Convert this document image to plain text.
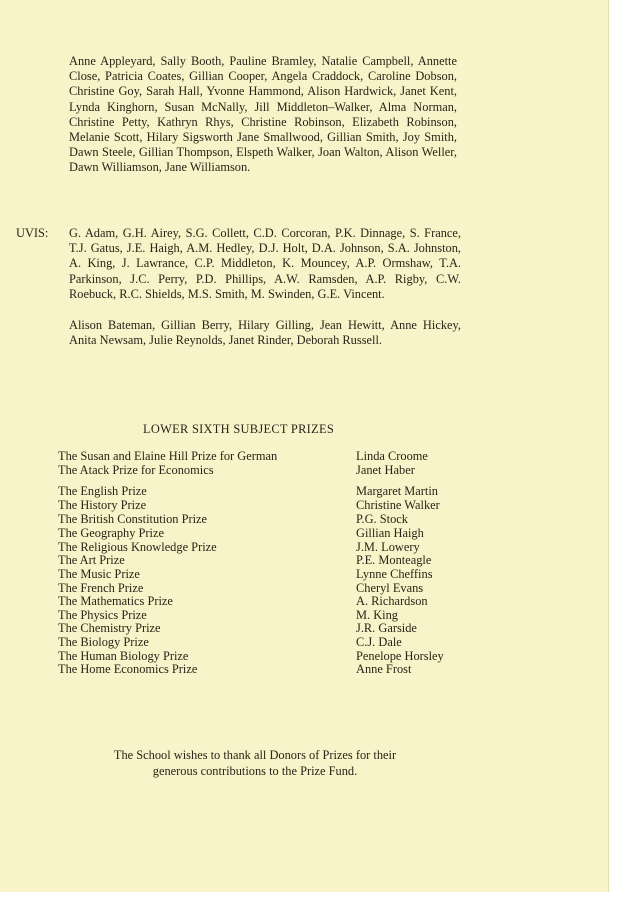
Anne Appleyard, Sally Booth, Pauline Bramley, Natalie Campbell, Annette Close, Patricia Coates, Gillian Cooper, Angela Craddock, Caroline Dobson, Christine Goy, Sarah Hall, Yvonne Hammond, Alison Hardwick, Janet Kent, Lynda Kinghorn, Susan McNally, Jill Middleton–Walker, Alma Norman, Christine Petty, Kathryn Rhys, Christine Robinson, Elizabeth Robinson, Melanie Scott, Hilary Sigsworth Jane Smallwood, Gillian Smith, Joy Smith, Dawn Steele, Gillian Thompson, Elspeth Walker, Joan Walton, Alison Weller, Dawn Williamson, Jane Williamson.
UVIS: G. Adam, G.H. Airey, S.G. Collett, C.D. Corcoran, P.K. Dinnage, S. France, T.J. Gatus, J.E. Haigh, A.M. Hedley, D.J. Holt, D.A. Johnson, S.A. Johnston, A. King, J. Lawrance, C.P. Middleton, K. Mouncey, A.P. Ormshaw, T.A. Parkinson, J.C. Perry, P.D. Phillips, A.W. Ramsden, A.P. Rigby, C.W. Roebuck, R.C. Shields, M.S. Smith, M. Swinden, G.E. Vincent.
Alison Bateman, Gillian Berry, Hilary Gilling, Jean Hewitt, Anne Hickey, Anita Newsam, Julie Reynolds, Janet Rinder, Deborah Russell.
LOWER SIXTH SUBJECT PRIZES
The Susan and Elaine Hill Prize for German	Linda Croome
The Atack Prize for Economics	Janet Haber
The English Prize	Margaret Martin
The History Prize	Christine Walker
The British Constitution Prize	P.G. Stock
The Geography Prize	Gillian Haigh
The Religious Knowledge Prize	J.M. Lowery
The Art Prize	P.E. Monteagle
The Music Prize	Lynne Cheffins
The French Prize	Cheryl Evans
The Mathematics Prize	A. Richardson
The Physics Prize	M. King
The Chemistry Prize	J.R. Garside
The Biology Prize	C.J. Dale
The Human Biology Prize	Penelope Horsley
The Home Economics Prize	Anne Frost
The School wishes to thank all Donors of Prizes for their generous contributions to the Prize Fund.
